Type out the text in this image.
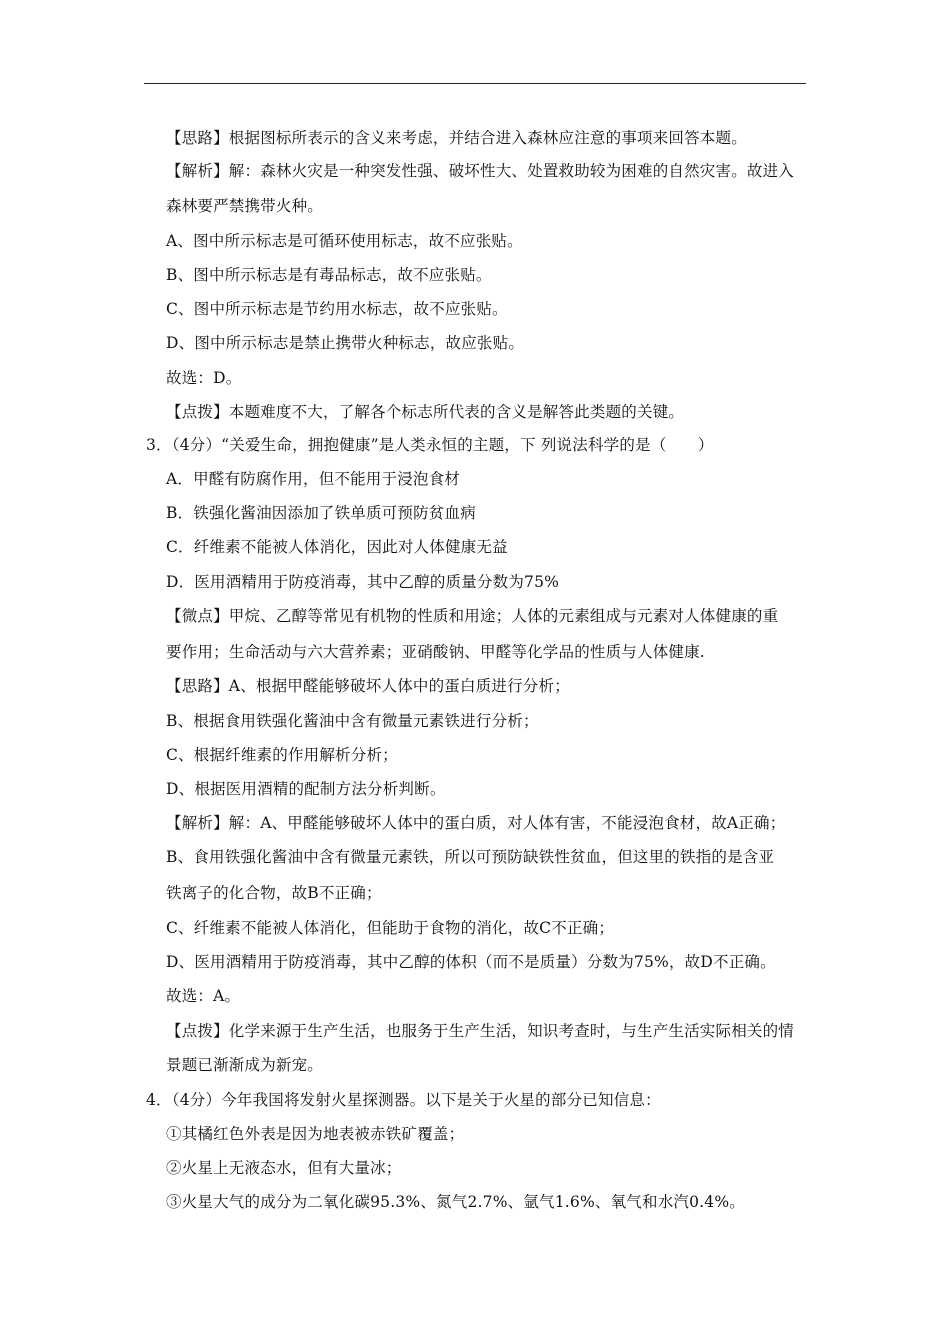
【思路】根据图标所表示的含义来考虑，并结合进入森林应注意的事项来回答本题。
【解析】解：森林火灾是一种突发性强、破坏性大、处置救助较为困难的自然灾害。故进入
森林要严禁携带火种。
A、图中所示标志是可循环使用标志，故不应张贴。
B、图中所示标志是有毒品标志，故不应张贴。
C、图中所示标志是节约用水标志，故不应张贴。
D、图中所示标志是禁止携带火种标志，故应张贴。
故选：D。
【点拨】本题难度不大，了解各个标志所代表的含义是解答此类题的关键。
3．（4分）“关爱生命，拥抱健康”是人类永恒的主题，下 列说法科学的是（　　）
A．甲醛有防腐作用，但不能用于浸泡食材
B．铁强化酱油因添加了铁单质可预防贫血病
C．纤维素不能被人体消化，因此对人体健康无益
D．医用酒精用于防疫消毒，其中乙醇的质量分数为75%
【微点】甲烷、乙醇等常见有机物的性质和用途；人体的元素组成与元素对人体健康的重
要作用；生命活动与六大营养素；亚硝酸钠、甲醛等化学品的性质与人体健康.
【思路】A、根据甲醛能够破坏人体中的蛋白质进行分析；
B、根据食用铁强化酱油中含有微量元素铁进行分析；
C、根据纤维素的作用解析分析；
D、根据医用酒精的配制方法分析判断。
【解析】解：A、甲醛能够破坏人体中的蛋白质，对人体有害，不能浸泡食材，故A正确；
B、食用铁强化酱油中含有微量元素铁，所以可预防缺铁性贫血，但这里的铁指的是含亚
铁离子的化合物，故B不正确；
C、纤维素不能被人体消化，但能助于食物的消化，故C不正确；
D、医用酒精用于防疫消毒，其中乙醇的体积（而不是质量）分数为75%，故D不正确。
故选：A。
【点拨】化学来源于生产生活，也服务于生产生活，知识考查时，与生产生活实际相关的情
景题已渐渐成为新宠。
4．（4分）今年我国将发射火星探测器。以下是关于火星的部分已知信息：
①其橘红色外表是因为地表被赤铁矿覆盖；
②火星上无液态水，但有大量冰；
③火星大气的成分为二氧化碳95.3%、氮气2.7%、氩气1.6%、氧气和水汽0.4%。
